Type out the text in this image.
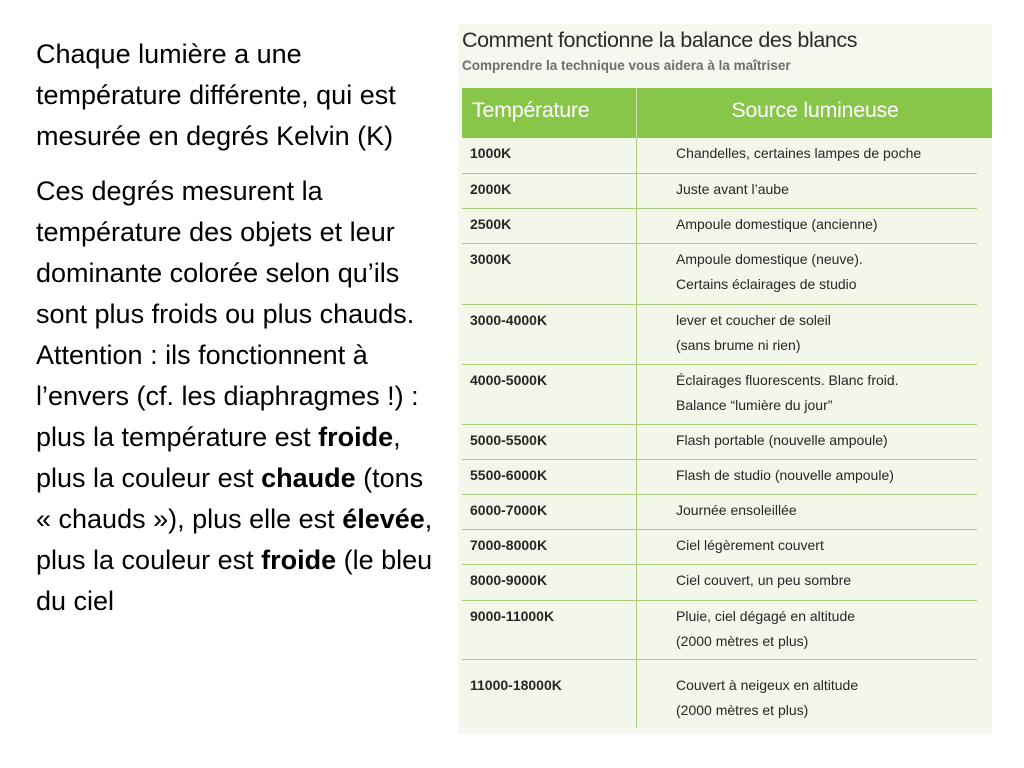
Chaque lumière a une température différente, qui est mesurée en degrés Kelvin (K)

Ces degrés mesurent la température des objets et leur dominante colorée selon qu’ils sont plus froids ou plus chauds. Attention : ils fonctionnent à l’envers (cf. les diaphragmes !) : plus la température est froide, plus la couleur est chaude (tons « chauds »), plus elle est élevée, plus la couleur est froide (le bleu du ciel

Comment fonctionne la balance des blancs
Comprendre la technique vous aidera à la maîtriser
Température	Source lumineuse
1000K	Chandelles, certaines lampes de poche
2000K	Juste avant l’aube
2500K	Ampoule domestique (ancienne)
3000K	Ampoule domestique (neuve).
Certains éclairages de studio
3000-4000K	lever et coucher de soleil
(sans brume ni rien)
4000-5000K	Éclairages fluorescents. Blanc froid.
Balance “lumière du jour”
5000-5500K	Flash portable (nouvelle ampoule)
5500-6000K	Flash de studio (nouvelle ampoule)
6000-7000K	Journée ensoleillée
7000-8000K	Ciel légèrement couvert
8000-9000K	Ciel couvert, un peu sombre
9000-11000K	Pluie, ciel dégagé en altitude
(2000 mètres et plus)
11000-18000K	Couvert à neigeux en altitude
(2000 mètres et plus)
